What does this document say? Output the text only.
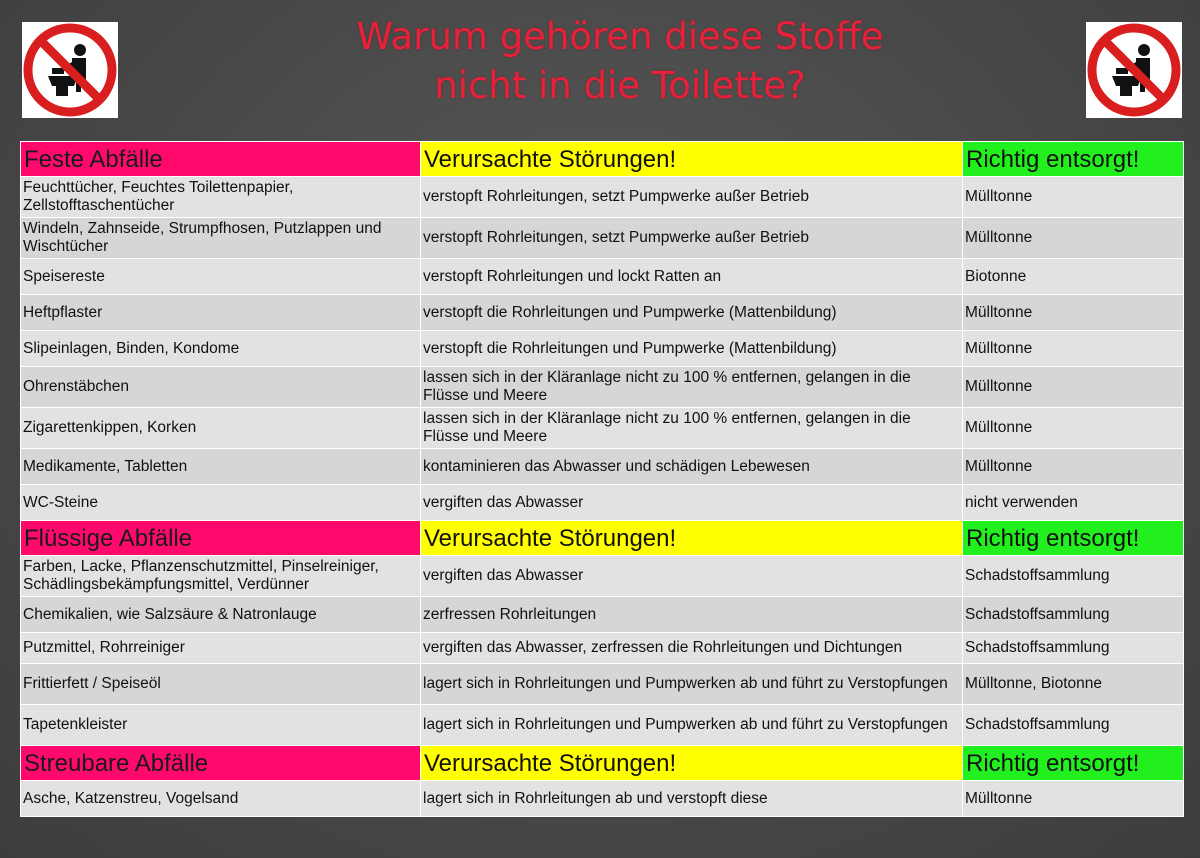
Warum gehören diese Stoffe
nicht in die Toilette?
Feste Abfälle	Verursachte Störungen!	Richtig entsorgt!
Feuchttücher, Feuchtes Toilettenpapier, Zellstofftaschentücher	verstopft Rohrleitungen, setzt Pumpwerke außer Betrieb	Mülltonne
Windeln, Zahnseide, Strumpfhosen, Putzlappen und Wischtücher	verstopft Rohrleitungen, setzt Pumpwerke außer Betrieb	Mülltonne
Speisereste	verstopft Rohrleitungen und lockt Ratten an	Biotonne
Heftpflaster	verstopft die Rohrleitungen und Pumpwerke (Mattenbildung)	Mülltonne
Slipeinlagen, Binden, Kondome	verstopft die Rohrleitungen und Pumpwerke (Mattenbildung)	Mülltonne
Ohrenstäbchen	lassen sich in der Kläranlage nicht zu 100 % entfernen, gelangen in die Flüsse und Meere	Mülltonne
Zigarettenkippen, Korken	lassen sich in der Kläranlage nicht zu 100 % entfernen, gelangen in die Flüsse und Meere	Mülltonne
Medikamente, Tabletten	kontaminieren das Abwasser und schädigen Lebewesen	Mülltonne
WC-Steine	vergiften das Abwasser	nicht verwenden
Flüssige Abfälle	Verursachte Störungen!	Richtig entsorgt!
Farben, Lacke, Pflanzenschutzmittel, Pinselreiniger, Schädlingsbekämpfungsmittel, Verdünner	vergiften das Abwasser	Schadstoffsammlung
Chemikalien, wie Salzsäure & Natronlauge	zerfressen Rohrleitungen	Schadstoffsammlung
Putzmittel, Rohrreiniger	vergiften das Abwasser, zerfressen die Rohrleitungen und Dichtungen	Schadstoffsammlung
Frittierfett / Speiseöl	lagert sich in Rohrleitungen und Pumpwerken ab und führt zu Verstopfungen	Mülltonne, Biotonne
Tapetenkleister	lagert sich in Rohrleitungen und Pumpwerken ab und führt zu Verstopfungen	Schadstoffsammlung
Streubare Abfälle	Verursachte Störungen!	Richtig entsorgt!
Asche, Katzenstreu, Vogelsand	lagert sich in Rohrleitungen ab und verstopft diese	Mülltonne
